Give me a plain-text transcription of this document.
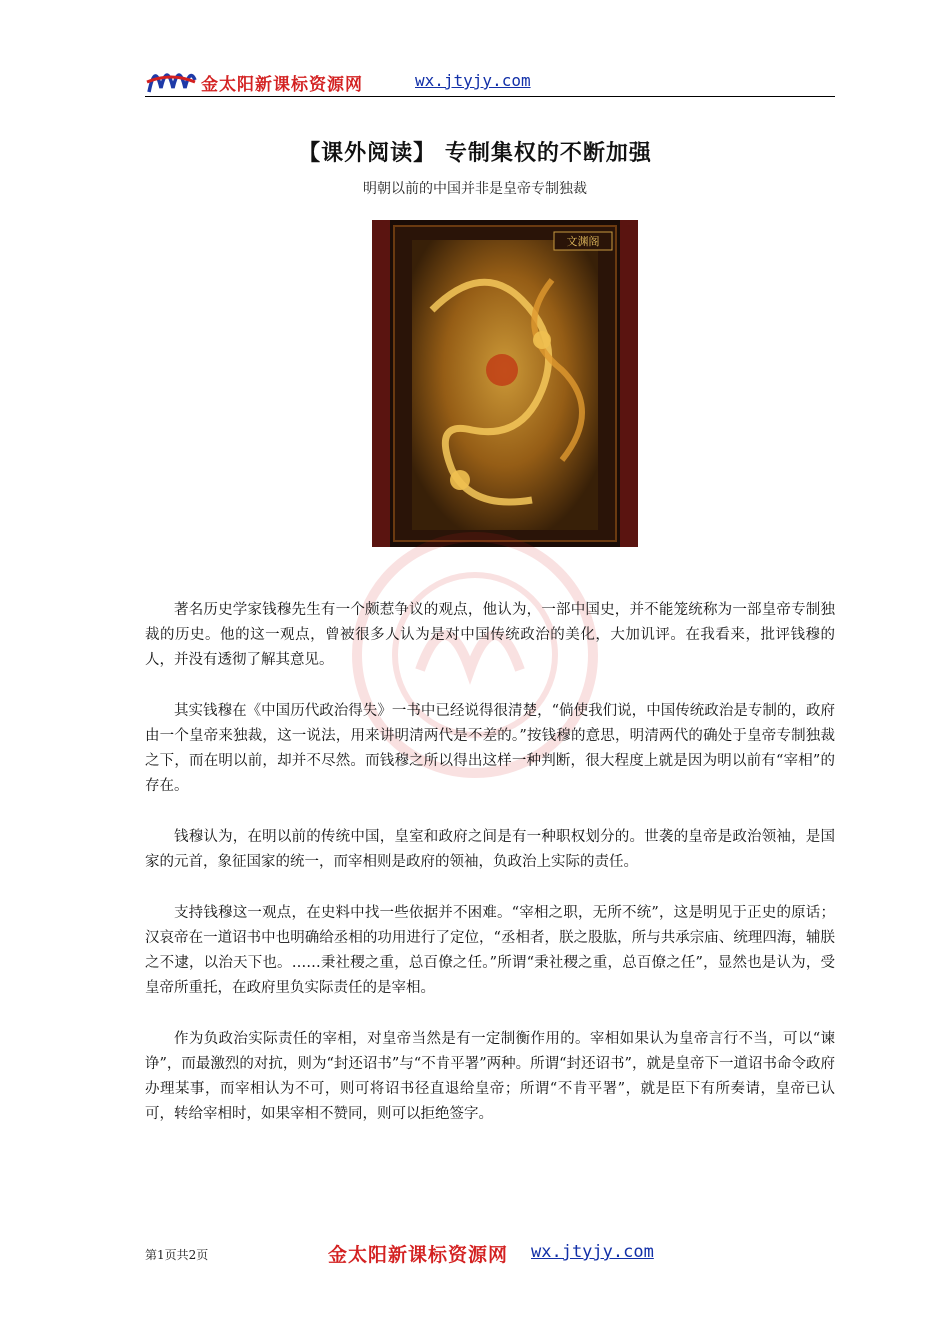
金太阳新课标资源网	wx.jtyjy.com
【课外阅读】 专制集权的不断加强
明朝以前的中国并非是皇帝专制独裁
文渊阁

著名历史学家钱穆先生有一个颇惹争议的观点，他认为，一部中国史，并不能笼统称为一部皇帝专制独裁的历史。他的这一观点，曾被很多人认为是对中国传统政治的美化，大加讥评。在我看来，批评钱穆的人，并没有透彻了解其意见。

其实钱穆在《中国历代政治得失》一书中已经说得很清楚，“倘使我们说，中国传统政治是专制的，政府由一个皇帝来独裁，这一说法，用来讲明清两代是不差的。”按钱穆的意思，明清两代的确处于皇帝专制独裁之下，而在明以前，却并不尽然。而钱穆之所以得出这样一种判断，很大程度上就是因为明以前有“宰相”的存在。

钱穆认为，在明以前的传统中国，皇室和政府之间是有一种职权划分的。世袭的皇帝是政治领袖，是国家的元首，象征国家的统一，而宰相则是政府的领袖，负政治上实际的责任。

支持钱穆这一观点，在史料中找一些依据并不困难。“宰相之职，无所不统”，这是明见于正史的原话；汉哀帝在一道诏书中也明确给丞相的功用进行了定位，“丞相者，朕之股肱，所与共承宗庙、统理四海，辅朕之不逮，以治天下也。……秉社稷之重，总百僚之任。”所谓“秉社稷之重，总百僚之任”，显然也是认为，受皇帝所重托，在政府里负实际责任的是宰相。

作为负政治实际责任的宰相，对皇帝当然是有一定制衡作用的。宰相如果认为皇帝言行不当，可以“谏诤”，而最激烈的对抗，则为“封还诏书”与“不肯平署”两种。所谓“封还诏书”，就是皇帝下一道诏书命令政府办理某事，而宰相认为不可，则可将诏书径直退给皇帝；所谓“不肯平署”，就是臣下有所奏请，皇帝已认可，转给宰相时，如果宰相不赞同，则可以拒绝签字。

第1页共2页	金太阳新课标资源网 wx.jtyjy.com
